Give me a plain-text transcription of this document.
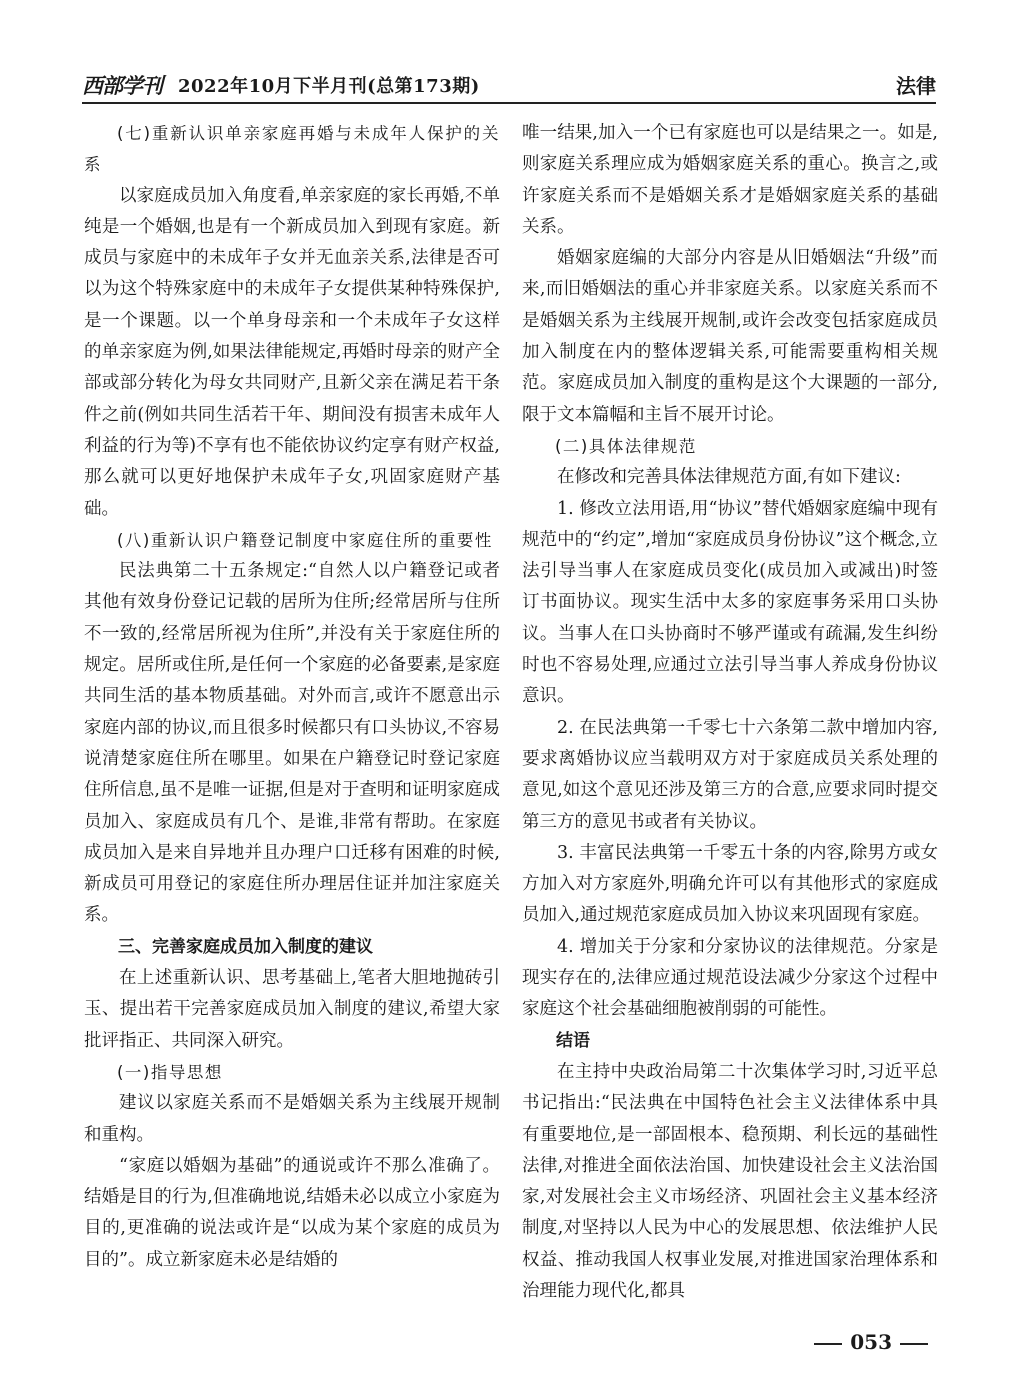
西部学刊 2022年10月下半月刊(总第173期)	法律

(七)重新认识单亲家庭再婚与未成年人保护的关系

以家庭成员加入角度看,单亲家庭的家长再婚,不单纯是一个婚姻,也是有一个新成员加入到现有家庭。新成员与家庭中的未成年子女并无血亲关系,法律是否可以为这个特殊家庭中的未成年子女提供某种特殊保护,是一个课题。以一个单身母亲和一个未成年子女这样的单亲家庭为例,如果法律能规定,再婚时母亲的财产全部或部分转化为母女共同财产,且新父亲在满足若干条件之前(例如共同生活若干年、期间没有损害未成年人利益的行为等)不享有也不能依协议约定享有财产权益,那么就可以更好地保护未成年子女,巩固家庭财产基础。

(八)重新认识户籍登记制度中家庭住所的重要性

民法典第二十五条规定:“自然人以户籍登记或者其他有效身份登记记载的居所为住所;经常居所与住所不一致的,经常居所视为住所”,并没有关于家庭住所的规定。居所或住所,是任何一个家庭的必备要素,是家庭共同生活的基本物质基础。对外而言,或许不愿意出示家庭内部的协议,而且很多时候都只有口头协议,不容易说清楚家庭住所在哪里。如果在户籍登记时登记家庭住所信息,虽不是唯一证据,但是对于查明和证明家庭成员加入、家庭成员有几个、是谁,非常有帮助。在家庭成员加入是来自异地并且办理户口迁移有困难的时候,新成员可用登记的家庭住所办理居住证并加注家庭关系。

三、完善家庭成员加入制度的建议

在上述重新认识、思考基础上,笔者大胆地抛砖引玉、提出若干完善家庭成员加入制度的建议,希望大家批评指正、共同深入研究。

(一)指导思想

建议以家庭关系而不是婚姻关系为主线展开规制和重构。

“家庭以婚姻为基础”的通说或许不那么准确了。结婚是目的行为,但准确地说,结婚未必以成立小家庭为目的,更准确的说法或许是“以成为某个家庭的成员为目的”。成立新家庭未必是结婚的

唯一结果,加入一个已有家庭也可以是结果之一。如是,则家庭关系理应成为婚姻家庭关系的重心。换言之,或许家庭关系而不是婚姻关系才是婚姻家庭关系的基础关系。

婚姻家庭编的大部分内容是从旧婚姻法“升级”而来,而旧婚姻法的重心并非家庭关系。以家庭关系而不是婚姻关系为主线展开规制,或许会改变包括家庭成员加入制度在内的整体逻辑关系,可能需要重构相关规范。家庭成员加入制度的重构是这个大课题的一部分,限于文本篇幅和主旨不展开讨论。

(二)具体法律规范

在修改和完善具体法律规范方面,有如下建议:

1. 修改立法用语,用“协议”替代婚姻家庭编中现有规范中的“约定”,增加“家庭成员身份协议”这个概念,立法引导当事人在家庭成员变化(成员加入或减出)时签订书面协议。现实生活中太多的家庭事务采用口头协议。当事人在口头协商时不够严谨或有疏漏,发生纠纷时也不容易处理,应通过立法引导当事人养成身份协议意识。

2. 在民法典第一千零七十六条第二款中增加内容,要求离婚协议应当载明双方对于家庭成员关系处理的意见,如这个意见还涉及第三方的合意,应要求同时提交第三方的意见书或者有关协议。

3. 丰富民法典第一千零五十条的内容,除男方或女方加入对方家庭外,明确允许可以有其他形式的家庭成员加入,通过规范家庭成员加入协议来巩固现有家庭。

4. 增加关于分家和分家协议的法律规范。分家是现实存在的,法律应通过规范设法减少分家这个过程中家庭这个社会基础细胞被削弱的可能性。

结语

在主持中央政治局第二十次集体学习时,习近平总书记指出:“民法典在中国特色社会主义法律体系中具有重要地位,是一部固根本、稳预期、利长远的基础性法律,对推进全面依法治国、加快建设社会主义法治国家,对发展社会主义市场经济、巩固社会主义基本经济制度,对坚持以人民为中心的发展思想、依法维护人民权益、推动我国人权事业发展,对推进国家治理体系和治理能力现代化,都具

053
